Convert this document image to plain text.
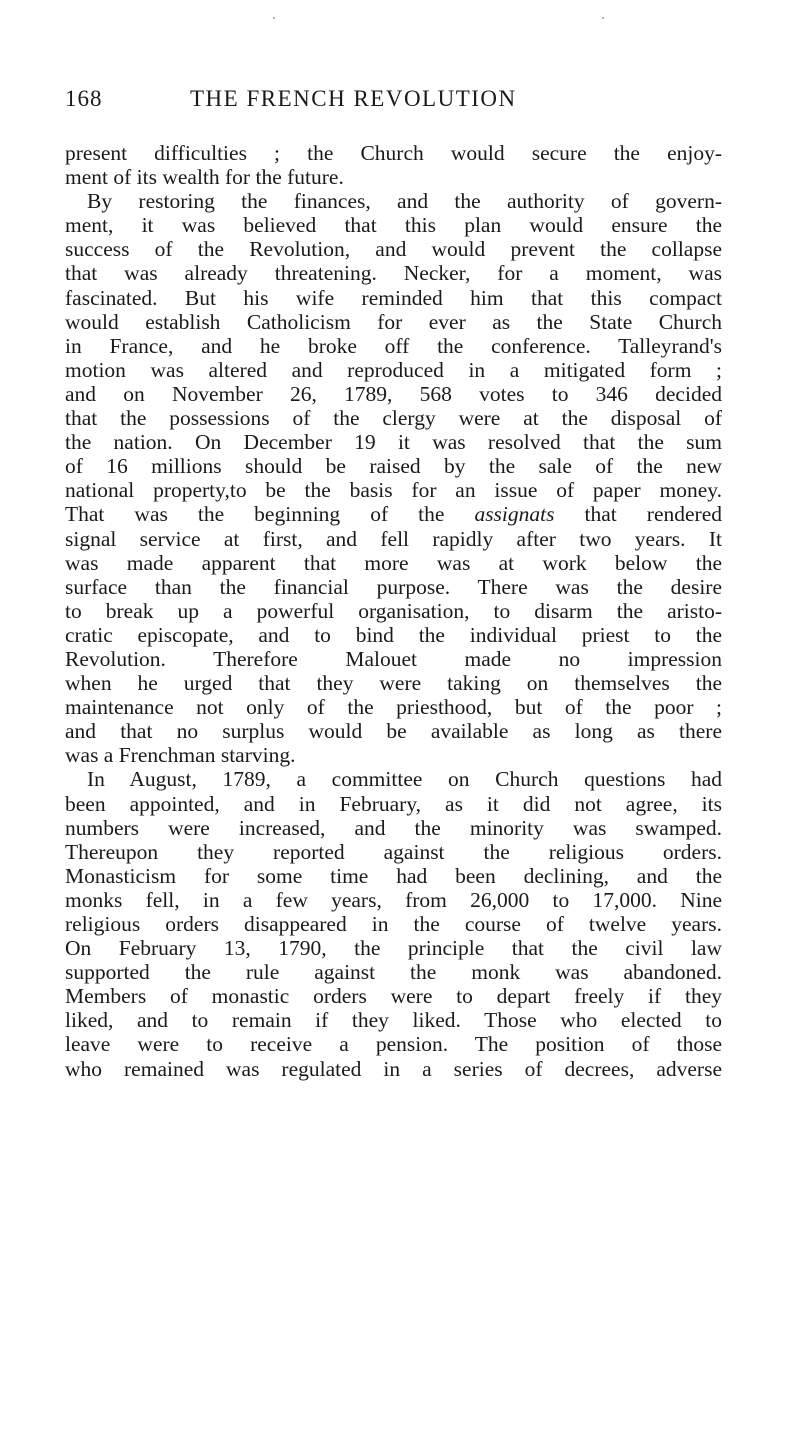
168	THE FRENCH REVOLUTION
present difficulties ; the Church would secure the enjoy-
ment of its wealth for the future.
By restoring the finances, and the authority of govern-
ment, it was believed that this plan would ensure the
success of the Revolution, and would prevent the collapse
that was already threatening. Necker, for a moment, was
fascinated. But his wife reminded him that this compact
would establish Catholicism for ever as the State Church
in France, and he broke off the conference. Talleyrand's
motion was altered and reproduced in a mitigated form ;
and on November 26, 1789, 568 votes to 346 decided
that the possessions of the clergy were at the disposal of
the nation. On December 19 it was resolved that the sum
of 16 millions should be raised by the sale of the new
national property,to be the basis for an issue of paper money.
That was the beginning of the assignats that rendered
signal service at first, and fell rapidly after two years. It
was made apparent that more was at work below the
surface than the financial purpose. There was the desire
to break up a powerful organisation, to disarm the aristo-
cratic episcopate, and to bind the individual priest to the
Revolution. Therefore Malouet made no impression
when he urged that they were taking on themselves the
maintenance not only of the priesthood, but of the poor ;
and that no surplus would be available as long as there
was a Frenchman starving.
In August, 1789, a committee on Church questions had
been appointed, and in February, as it did not agree, its
numbers were increased, and the minority was swamped.
Thereupon they reported against the religious orders.
Monasticism for some time had been declining, and the
monks fell, in a few years, from 26,000 to 17,000. Nine
religious orders disappeared in the course of twelve years.
On February 13, 1790, the principle that the civil law
supported the rule against the monk was abandoned.
Members of monastic orders were to depart freely if they
liked, and to remain if they liked. Those who elected to
leave were to receive a pension. The position of those
who remained was regulated in a series of decrees, adverse
